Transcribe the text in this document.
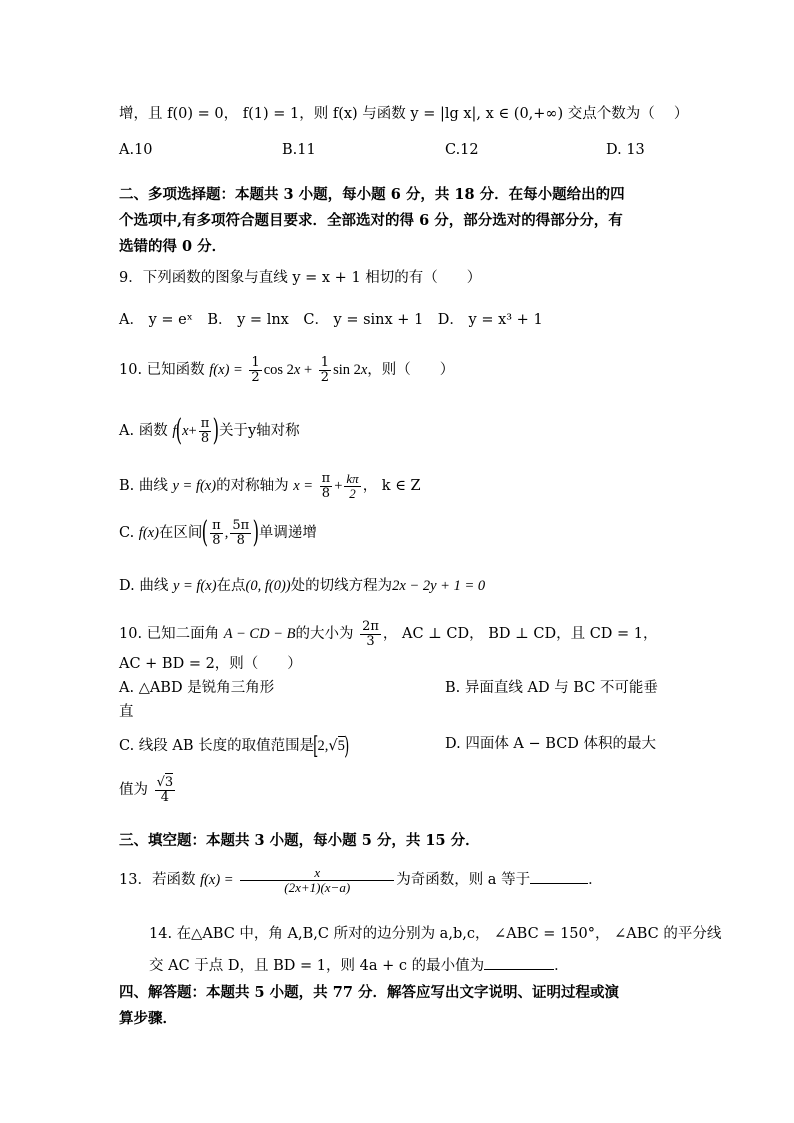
增，且 f(0) = 0， f(1) = 1，则 f(x) 与函数 y = |lg x|, x ∈ (0,+∞) 交点个数为（　 ）
A.10	B.11	C.12	D. 13
二、多项选择题：本题共 3 小题，每小题 6 分，共 18 分．在每小题给出的四
个选项中,有多项符合题目要求．全部选对的得 6 分，部分选对的得部分分，有
选错的得 0 分．
9．下列函数的图象与直线 y = x + 1 相切的有（　　）
A． y = eˣ　B． y = lnx　C． y = sinx + 1　D． y = x³ + 1
10. 已知函数 $f(x) = \frac{1}{2}$ $\cos 2x + \frac{1}{2}$ sin 2x，则（　　）
A. 函数 $f(x+ \frac{\pi}{8}$ )关于y轴对称
B. 曲线 y = f(x)的对称轴为 $x = \frac{\pi}{8} + \frac{k\pi}{2}$ ， k ∈ Z
C. f(x)在区间( $\frac{\pi}{8}$ , $\frac{5\pi}{8}$ )单调递增
D. 曲线 y = f(x)在点(0, f(0))处的切线方程为2x − 2y + 1 = 0
10. 已知二面角 A − CD − B的大小为 $\frac{2\pi}{3}$ ， AC ⊥ CD， BD ⊥ CD，且 CD = 1，
AC + BD = 2，则（　　）
A. △ABD 是锐角三角形	B. 异面直线 AD 与 BC 不可能垂
直
C. 线段 AB 长度的取值范围是[2,√5)	D. 四面体 A − BCD 体积的最大
值为 $\frac{√3}{4}$
三、填空题：本题共 3 小题，每小题 5 分，共 15 分．
13．若函数 $f(x) = \frac{x}{(2x+1)(x-a)}$ 为奇函数，则 a 等于	．
14. 在△ABC 中，角 A,B,C 所对的边分别为 a,b,c， ∠ABC = 150°， ∠ABC 的平分线
交 AC 于点 D，且 BD = 1，则 4a + c 的最小值为	．
四、解答题：本题共 5 小题，共 77 分．解答应写出文字说明、证明过程或演
算步骤．
